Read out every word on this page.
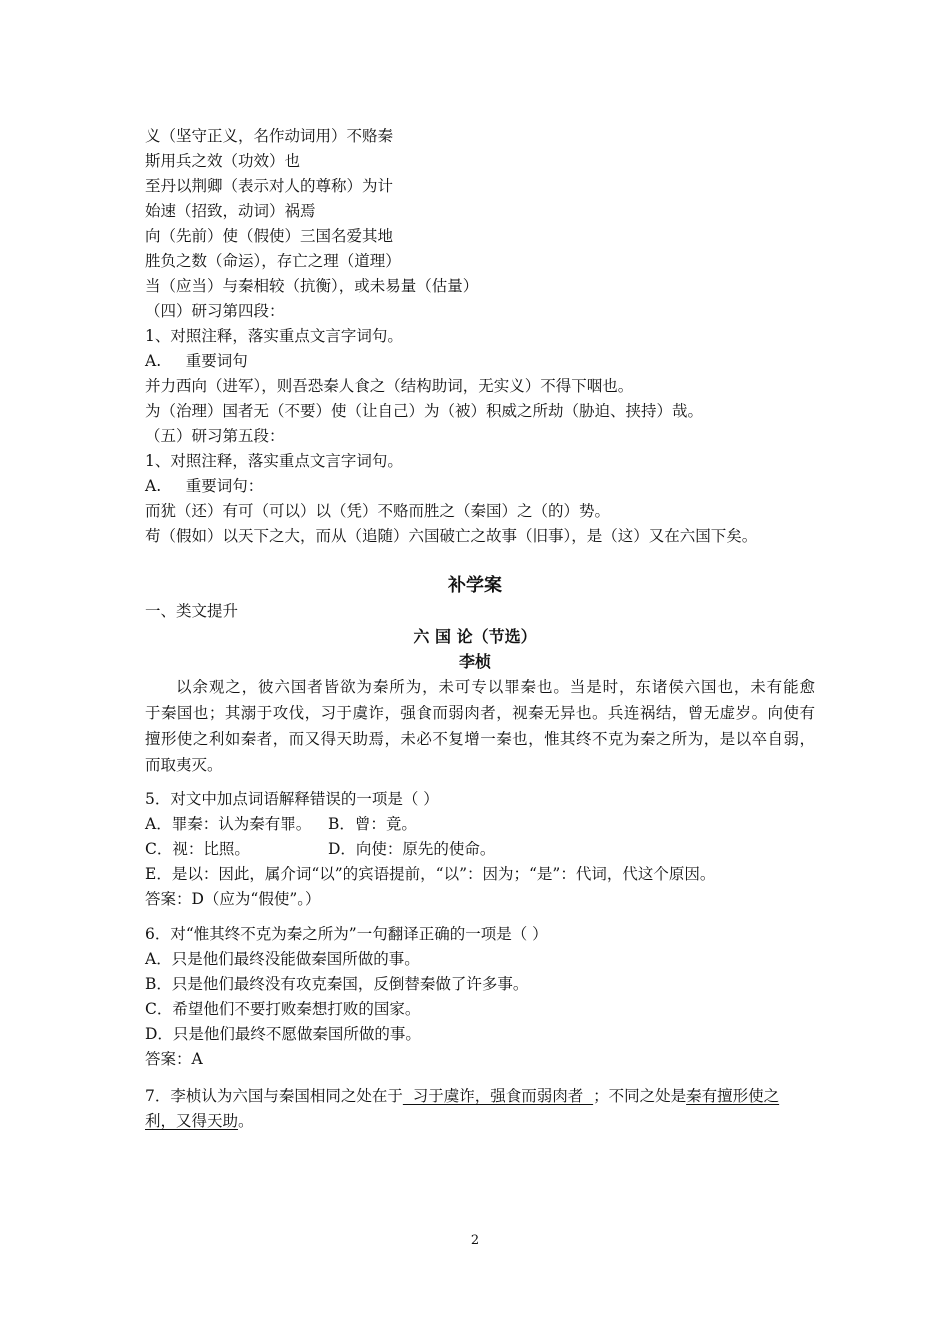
义（坚守正义，名作动词用）不赂秦

斯用兵之效（功效）也

至丹以荆卿（表示对人的尊称）为计

始速（招致，动词）祸焉

向（先前）使（假使）三国名爱其地

胜负之数（命运），存亡之理（道理）

当（应当）与秦相较（抗衡），或未易量（估量）

（四）研习第四段：

1、对照注释，落实重点文言字词句。

A.     重要词句

并力西向（进军），则吾恐秦人食之（结构助词，无实义）不得下咽也。

为（治理）国者无（不要）使（让自己）为（被）积威之所劫（胁迫、挟持）哉。

（五）研习第五段：

1、对照注释，落实重点文言字词句。

A.     重要词句：

而犹（还）有可（可以）以（凭）不赂而胜之（秦国）之（的）势。

苟（假如）以天下之大，而从（追随）六国破亡之故事（旧事），是（这）又在六国下矣。

补学案

一、类文提升

六 国 论（节选）

李桢

以余观之，彼六国者皆欲为秦所为，未可专以罪秦也。当是时，东诸侯六国也，未有能愈
于秦国也；其溺于攻伐，习于虞诈，强食而弱肉者，视秦无异也。兵连祸结，曾无虚岁。向使有
擅形使之利如秦者，而又得天助焉，未必不复增一秦也，惟其终不克为秦之所为，是以卒自弱，
而取夷灭。

5．对文中加点词语解释错误的一项是（ ）

A．罪秦：认为秦有罪。 B．曾：竟。

C．视：比照。	D．向使：原先的使命。

E．是以：因此，属介词“以”的宾语提前，“以”：因为；“是”：代词，代这个原因。

答案：D（应为“假使”。）

6．对“惟其终不克为秦之所为”一句翻译正确的一项是（ ）

A．只是他们最终没能做秦国所做的事。

B．只是他们最终没有攻克秦国，反倒替秦做了许多事。

C．希望他们不要打败秦想打败的国家。

D．只是他们最终不愿做秦国所做的事。

答案：A

7．李桢认为六国与秦国相同之处在于  习于虞诈，强食而弱肉者  ；不同之处是秦有擅形使之

利，又得天助。

2
